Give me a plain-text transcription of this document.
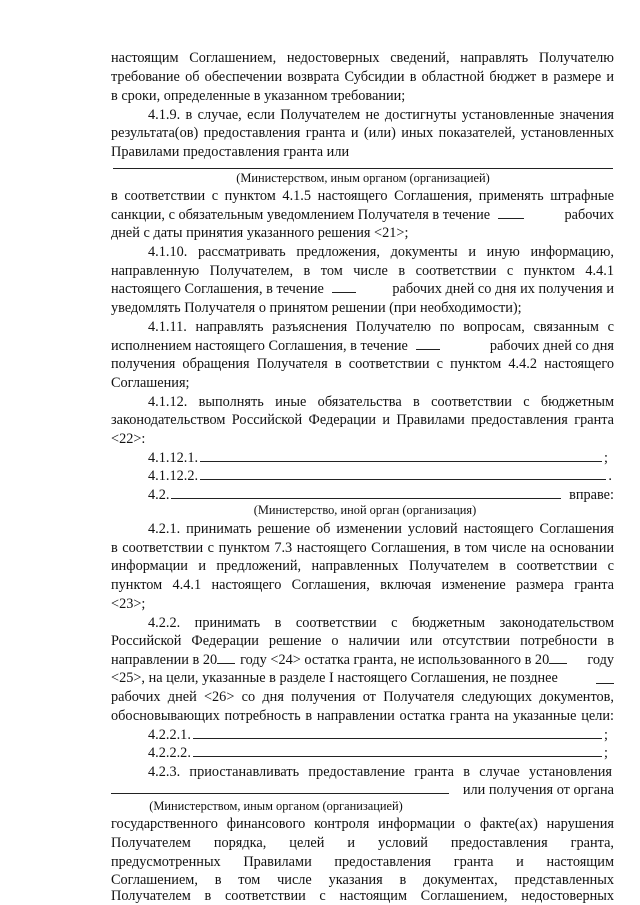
настоящим Соглашением, недостоверных сведений, направлять Получателю
требование об обеспечении возврата Субсидии в областной бюджет в размере и
в сроки, определенные в указанном требовании;
4.1.9. в случае, если Получателем не достигнуты установленные значения
результата(ов) предоставления гранта и (или) иных показателей, установленных
Правилами предоставления гранта или
(Министерством, иным органом (организацией)
в соответствии с пунктом 4.1.5 настоящего Соглашения, применять штрафные
санкции, с обязательным уведомлением Получателя в течение	рабочих
дней с даты принятия указанного решения <21>;
4.1.10. рассматривать предложения, документы и иную информацию,
направленную Получателем, в том числе в соответствии с пунктом 4.4.1
настоящего Соглашения, в течение	рабочих дней со дня их получения и
уведомлять Получателя о принятом решении (при необходимости);
4.1.11. направлять разъяснения Получателю по вопросам, связанным с
исполнением настоящего Соглашения, в течение	рабочих дней со дня
получения обращения Получателя в соответствии с пунктом 4.4.2 настоящего
Соглашения;
4.1.12. выполнять иные обязательства в соответствии с бюджетным
законодательством Российской Федерации и Правилами предоставления гранта
<22>:
4.1.12.1.	;
4.1.12.2.	.
4.2.	вправе:
(Министерство, иной орган (организация)
4.2.1. принимать решение об изменении условий настоящего Соглашения
в соответствии с пунктом 7.3 настоящего Соглашения, в том числе на основании
информации и предложений, направленных Получателем в соответствии с
пунктом 4.4.1 настоящего Соглашения, включая изменение размера гранта
<23>;
4.2.2. принимать в соответствии с бюджетным законодательством
Российской Федерации решение о наличии или отсутствии потребности в
направлении в 20 году <24> остатка гранта, не использованного в 20	году
<25>, на цели, указанные в разделе I настоящего Соглашения, не позднее
рабочих дней <26> со дня получения от Получателя следующих документов,
обосновывающих потребность в направлении остатка гранта на указанные цели:
4.2.2.1.	;
4.2.2.2.	;
4.2.3. приостанавливать предоставление гранта в случае установления
или получения от органа
(Министерством, иным органом (организацией)
государственного финансового контроля информации о факте(ах) нарушения
Получателем порядка, целей и условий предоставления гранта,
предусмотренных Правилами предоставления гранта и настоящим
Соглашением, в том числе указания в документах, представленных
Получателем в соответствии с настоящим Соглашением, недостоверных
